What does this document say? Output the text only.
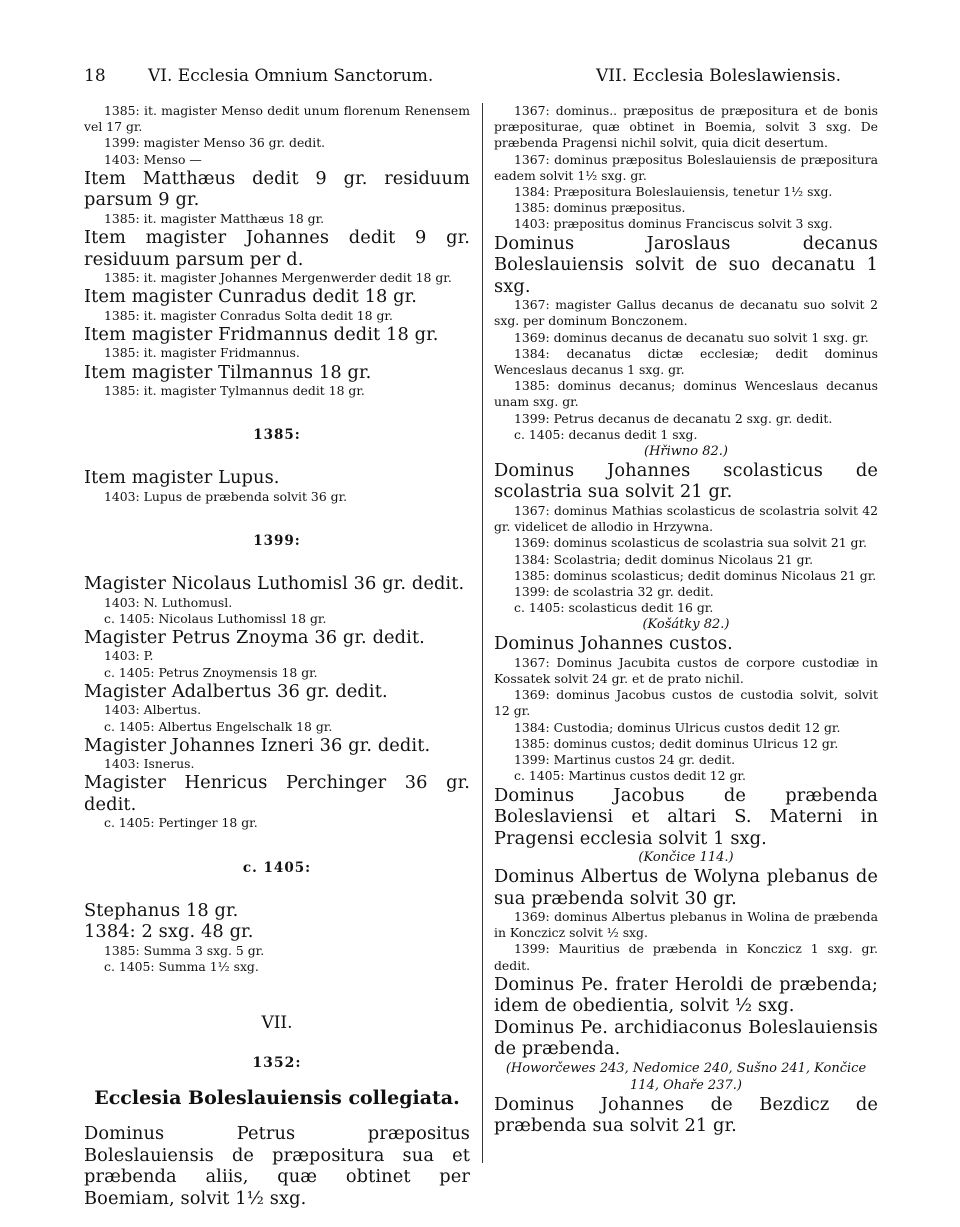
18 VI. Ecclesia Omnium Sanctorum.	VII. Ecclesia Boleslawiensis.

1385: it. magister Menso dedit unum florenum Renensem vel 17 gr.

1399: magister Menso 36 gr. dedit.

1403: Menso —

Item Matthæus dedit 9 gr. residuum parsum 9 gr.

1385: it. magister Matthæus 18 gr.

Item magister Johannes dedit 9 gr. residuum parsum per d.

1385: it. magister Johannes Mergenwerder dedit 18 gr.

Item magister Cunradus dedit 18 gr.

1385: it. magister Conradus Solta dedit 18 gr.

Item magister Fridmannus dedit 18 gr.

1385: it. magister Fridmannus.

Item magister Tilmannus 18 gr.

1385: it. magister Tylmannus dedit 18 gr.

1385:

Item magister Lupus.

1403: Lupus de præbenda solvit 36 gr.

1399:

Magister Nicolaus Luthomisl 36 gr. dedit.

1403: N. Luthomusl.

c. 1405: Nicolaus Luthomissl 18 gr.

Magister Petrus Znoyma 36 gr. dedit.

1403: P.

c. 1405: Petrus Znoymensis 18 gr.

Magister Adalbertus 36 gr. dedit.

1403: Albertus.

c. 1405: Albertus Engelschalk 18 gr.

Magister Johannes Izneri 36 gr. dedit.

1403: Isnerus.

Magister Henricus Perchinger 36 gr. dedit.

c. 1405: Pertinger 18 gr.

c. 1405:

Stephanus 18 gr.

1384: 2 sxg. 48 gr.

1385: Summa 3 sxg. 5 gr.

c. 1405: Summa 1½ sxg.

VII.
1352:
Ecclesia Boleslauiensis collegiata.

Dominus Petrus præpositus Boleslauiensis de præpositura sua et præbenda aliis, quæ obtinet per Boemiam, solvit 1½ sxg.

1367: dominus.. præpositus de præpositura et de bonis præpositurae, quæ obtinet in Boemia, solvit 3 sxg. De præbenda Pragensi nichil solvit, quia dicit desertum.

1367: dominus præpositus Boleslauiensis de præpositura eadem solvit 1½ sxg. gr.

1384: Præpositura Boleslauiensis, tenetur 1½ sxg.

1385: dominus præpositus.

1403: præpositus dominus Franciscus solvit 3 sxg.

Dominus Jaroslaus decanus Boleslauiensis solvit de suo decanatu 1 sxg.

1367: magister Gallus decanus de decanatu suo solvit 2 sxg. per dominum Bonczonem.

1369: dominus decanus de decanatu suo solvit 1 sxg. gr.

1384: decanatus dictæ ecclesiæ; dedit dominus Wenceslaus decanus 1 sxg. gr.

1385: dominus decanus; dominus Wenceslaus decanus unam sxg. gr.

1399: Petrus decanus de decanatu 2 sxg. gr. dedit.

c. 1405: decanus dedit 1 sxg.

(Hřiwno 82.)

Dominus Johannes scolasticus de scolastria sua solvit 21 gr.

1367: dominus Mathias scolasticus de scolastria solvit 42 gr. videlicet de allodio in Hrzywna.

1369: dominus scolasticus de scolastria sua solvit 21 gr.

1384: Scolastria; dedit dominus Nicolaus 21 gr.

1385: dominus scolasticus; dedit dominus Nicolaus 21 gr.

1399: de scolastria 32 gr. dedit.

c. 1405: scolasticus dedit 16 gr.

(Košátky 82.)

Dominus Johannes custos.

1367: Dominus Jacubita custos de corpore custodiæ in Kossatek solvit 24 gr. et de prato nichil.

1369: dominus Jacobus custos de custodia solvit, solvit 12 gr.

1384: Custodia; dominus Ulricus custos dedit 12 gr.

1385: dominus custos; dedit dominus Ulricus 12 gr.

1399: Martinus custos 24 gr. dedit.

c. 1405: Martinus custos dedit 12 gr.

Dominus Jacobus de præbenda Boleslaviensi et altari S. Materni in Pragensi ecclesia solvit 1 sxg.

(Končice 114.)

Dominus Albertus de Wolyna plebanus de sua præbenda solvit 30 gr.

1369: dominus Albertus plebanus in Wolina de præbenda in Konczicz solvit ½ sxg.

1399: Mauritius de præbenda in Konczicz 1 sxg. gr. dedit.

Dominus Pe. frater Heroldi de præbenda; idem de obedientia, solvit ½ sxg.

Dominus Pe. archidiaconus Boleslauiensis de præbenda.

(Howorčewes 243, Nedomice 240, Sušno 241, Končice 114, Ohaře 237.)

Dominus Johannes de Bezdicz de præbenda sua solvit 21 gr.
